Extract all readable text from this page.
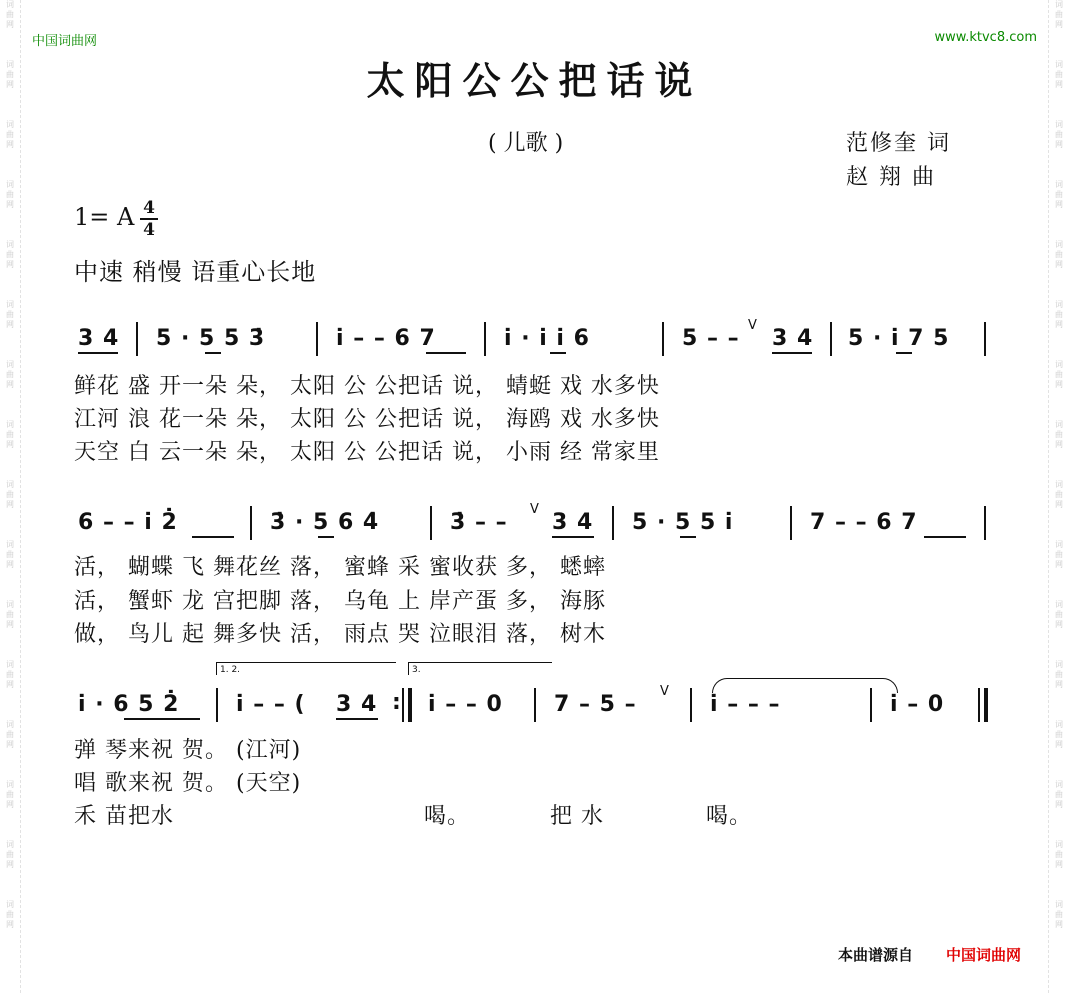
词
曲
网
词
曲
网
词
曲
网
词
曲
网
词
曲
网
词
曲
网
词
曲
网
词
曲
网
词
曲
网
词
曲
网
词
曲
网
词
曲
网
词
曲
网
词
曲
网
词
曲
网
词
曲
网
词
曲
网
词
曲
网
词
曲
网
词
曲
网
词
曲
网
词
曲
网
词
曲
网
词
曲
网
词
曲
网
词
曲
网
词
曲
网
词
曲
网
词
曲
网
词
曲
网
词
曲
网
词
曲
网
中国词曲网	www.ktvc8.com
太阳公公把话说
( 儿歌 )	范修奎 词
赵 翔 曲
1= A 4
4
中速 稍慢 语重心长地
3 4 5 · 5 5 3̇	i̇ – – 6 7	i̇ · i̇ i̇ 6	5 – –
V
3 4 5 · i̇ 7 5
鲜花 盛 开一朵 朵， 太阳 公 公把话 说， 蜻蜓 戏 水多快
江河 浪 花一朵 朵， 太阳 公 公把话 说， 海鸥 戏 水多快
天空 白 云一朵 朵， 太阳 公 公把话 说， 小雨 经 常家里
6 – – i̇ 2̇	3̇ · 5 6 4̇	3̇ – –
V
3 4 5 · 5 5 i̇	7 – – 6 7
活， 蝴蝶 飞 舞花丝 落， 蜜蜂 采 蜜收获 多， 蟋蟀
活， 蟹虾 龙 宫把脚 落， 乌龟 上 岸产蛋 多， 海豚
做， 鸟儿 起 舞多快 活， 雨点 哭 泣眼泪 落， 树木
1. 2.	3.
i̇ · 6 5 2̇	i̇ – – ( 3 4 : i̇ – – 0 7 – 5 –
V
i̇ – – –	i̇ – 0
弹 琴来祝 贺。 (江河)
唱 歌来祝 贺。 (天空)
禾 苗把水	喝。	把 水	喝。
本曲谱源自 中国词曲网
